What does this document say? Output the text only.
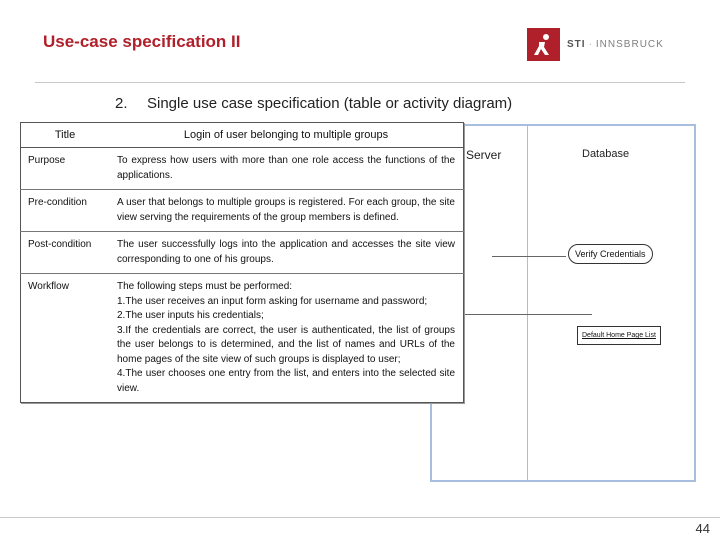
Use-case specification II	STI · INNSBRUCK
2. Single use case specification (table or activity diagram)
Server	Database
Verify Credentials
Default Home Page List
Title	Login of user belonging to multiple groups
Purpose	To express how users with more than one role access the functions of the applications.
Pre-condition	A user that belongs to multiple groups is registered. For each group, the site view serving the requirements of the group members is defined.
Post-condition	The user successfully logs into the application and accesses the site view corresponding to one of his groups.
Workflow	The following steps must be performed:
1.The user receives an input form asking for username and password;
2.The user inputs his credentials;
3.If the credentials are correct, the user is authenticated, the list of groups the user belongs to is determined, and the list of names and URLs of the home pages of the site view of such groups is displayed to user;
4.The user chooses one entry from the list, and enters into the selected site view.
44
